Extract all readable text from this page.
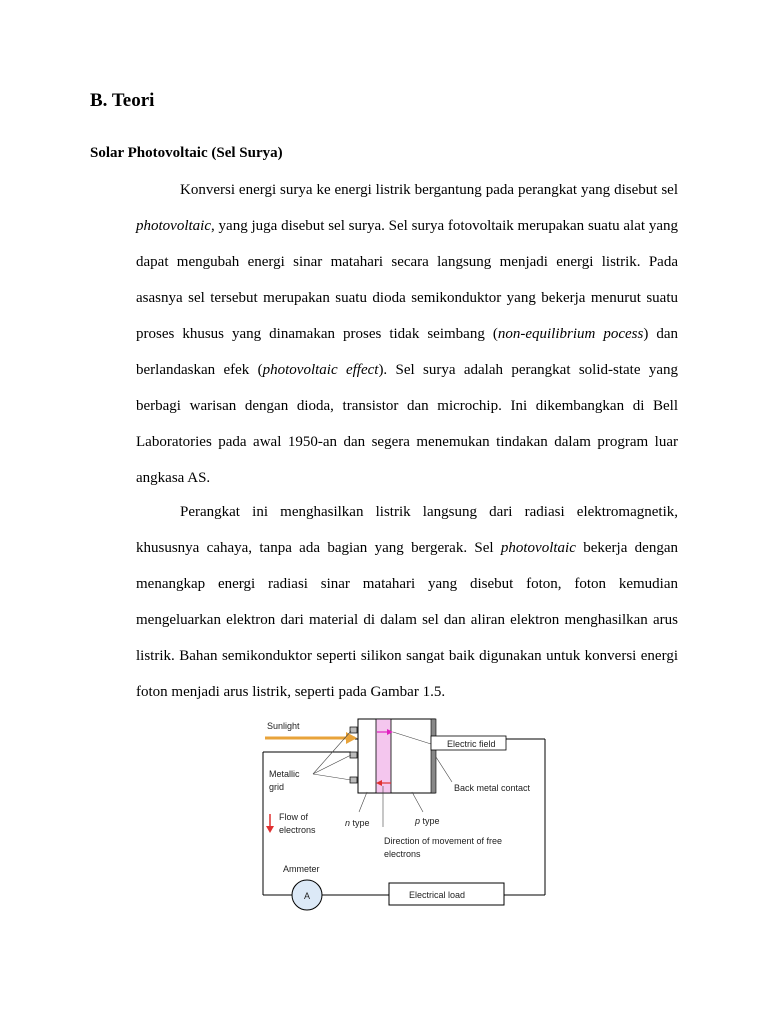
B. Teori
Solar Photovoltaic (Sel Surya)

Konversi energi surya ke energi listrik bergantung pada perangkat yang disebut sel photovoltaic, yang juga disebut sel surya. Sel surya fotovoltaik merupakan suatu alat yang dapat mengubah energi sinar matahari secara langsung menjadi energi listrik. Pada asasnya sel tersebut merupakan suatu dioda semikonduktor yang bekerja menurut suatu proses khusus yang dinamakan proses tidak seimbang (non-equilibrium pocess) dan berlandaskan efek (photovoltaic effect). Sel surya adalah perangkat solid-state yang berbagi warisan dengan dioda, transistor dan microchip. Ini dikembangkan di Bell Laboratories pada awal 1950-an dan segera menemukan tindakan dalam program luar angkasa AS.

Perangkat ini menghasilkan listrik langsung dari radiasi elektromagnetik, khususnya cahaya, tanpa ada bagian yang bergerak. Sel photovoltaic bekerja dengan menangkap energi radiasi sinar matahari yang disebut foton, foton kemudian mengeluarkan elektron dari material di dalam sel dan aliran elektron menghasilkan arus listrik. Bahan semikonduktor seperti silikon sangat baik digunakan untuk konversi energi foton menjadi arus listrik, seperti pada Gambar 1.5.

Sunlight
Metallic
grid
Flow of
electrons
n type	p type
Electric field
Back metal contact
Direction of movement of free
electrons
Ammeter
A	Electrical load
